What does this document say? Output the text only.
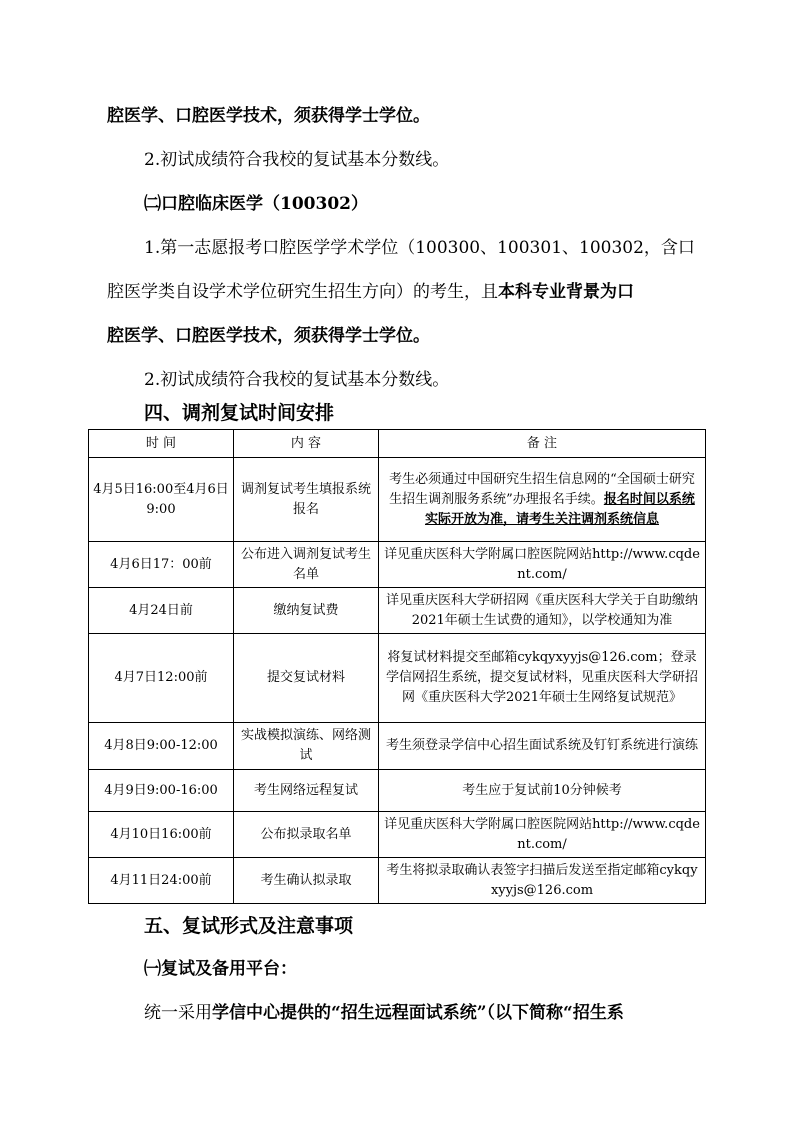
腔医学、口腔医学技术，须获得学士学位。
2.初试成绩符合我校的复试基本分数线。
㈡口腔临床医学（100302）
1.第一志愿报考口腔医学学术学位（100300、100301、100302，含口
腔医学类自设学术学位研究生招生方向）的考生，且本科专业背景为口
腔医学、口腔医学技术，须获得学士学位。
2.初试成绩符合我校的复试基本分数线。
四、调剂复试时间安排
时 间	内 容	备 注
4月5日16:00至4月6日9:00	调剂复试考生填报系统报名	考生必须通过中国研究生招生信息网的“全国硕士研究生招生调剂服务系统”办理报名手续。报名时间以系统实际开放为准，请考生关注调剂系统信息
4月6日17：00前	公布进入调剂复试考生名单	详见重庆医科大学附属口腔医院网站http://www.cqdent.com/
4月24日前	缴纳复试费	详见重庆医科大学研招网《重庆医科大学关于自助缴纳2021年硕士生试费的通知》，以学校通知为准
4月7日12:00前	提交复试材料	将复试材料提交至邮箱cykqyxyyjs@126.com；登录学信网招生系统，提交复试材料，见重庆医科大学研招网《重庆医科大学2021年硕士生网络复试规范》
4月8日9:00-12:00	实战模拟演练、网络测试	考生须登录学信中心招生面试系统及钉钉系统进行演练
4月9日9:00-16:00	考生网络远程复试	考生应于复试前10分钟候考
4月10日16:00前	公布拟录取名单	详见重庆医科大学附属口腔医院网站http://www.cqdent.com/
4月11日24:00前	考生确认拟录取	考生将拟录取确认表签字扫描后发送至指定邮箱cykqyxyyjs@126.com
五、复试形式及注意事项
㈠复试及备用平台：
统一采用学信中心提供的“招生远程面试系统”（以下简称“招生系
